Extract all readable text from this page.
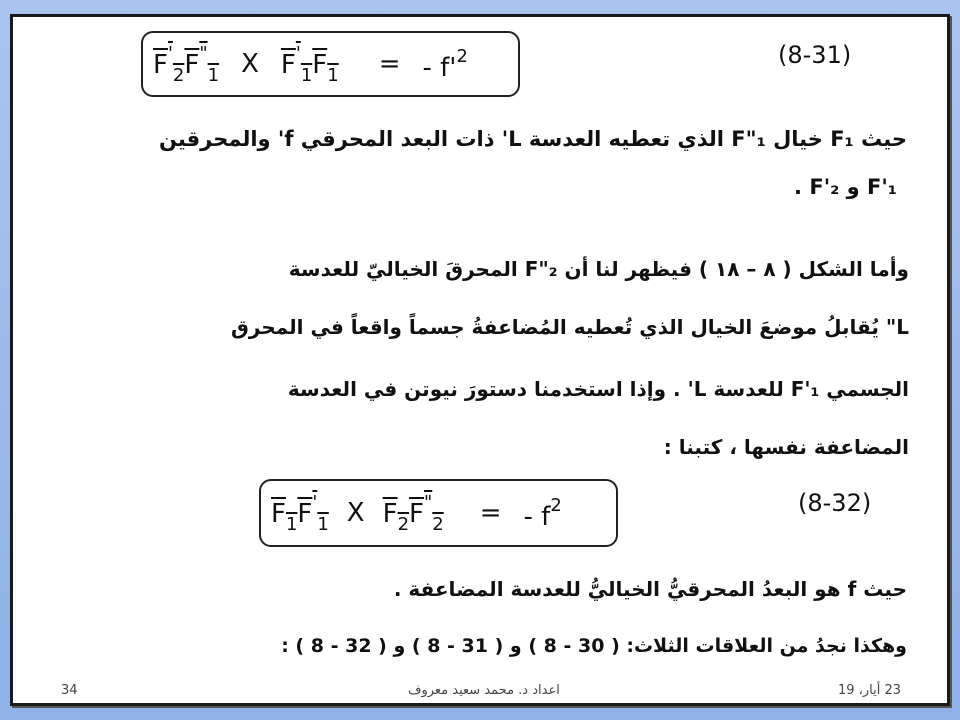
$F'_2F^"_1$ X $F'_1F_1$ = - $f'^2$	(8-31)
حيث F₁ خيال F"₁ الذي تعطيه العدسة L' ذات البعد المحرقي f' والمحرقين
F'₁ و F'₂ .
وأما الشكل ( ٨ – ١٨ ) فيظهر لنا أن F"₂ المحرقَ الخياليّ للعدسة
L" يُقابلُ موضعَ الخيال الذي تُعطيه المُضاعفةُ جسماً واقعاً في المحرق
الجسمي F'₁ للعدسة L' . وإذا استخدمنا دستورَ نيوتن في العدسة
المضاعفة نفسها ، كتبنا :
$F_1F'_1$ X $F_2F^"_2$ = - $f^2$	(8-32)
حيث f هو البعدُ المحرقيُّ الخياليُّ للعدسة المضاعفة .
وهكذا نجدُ من العلاقات الثلاث: ( 30 - 8 ) و ( 31 - 8 ) و ( 32 - 8 ) :
34	اعداد د. محمد سعيد معروف	23 أيار، 19
